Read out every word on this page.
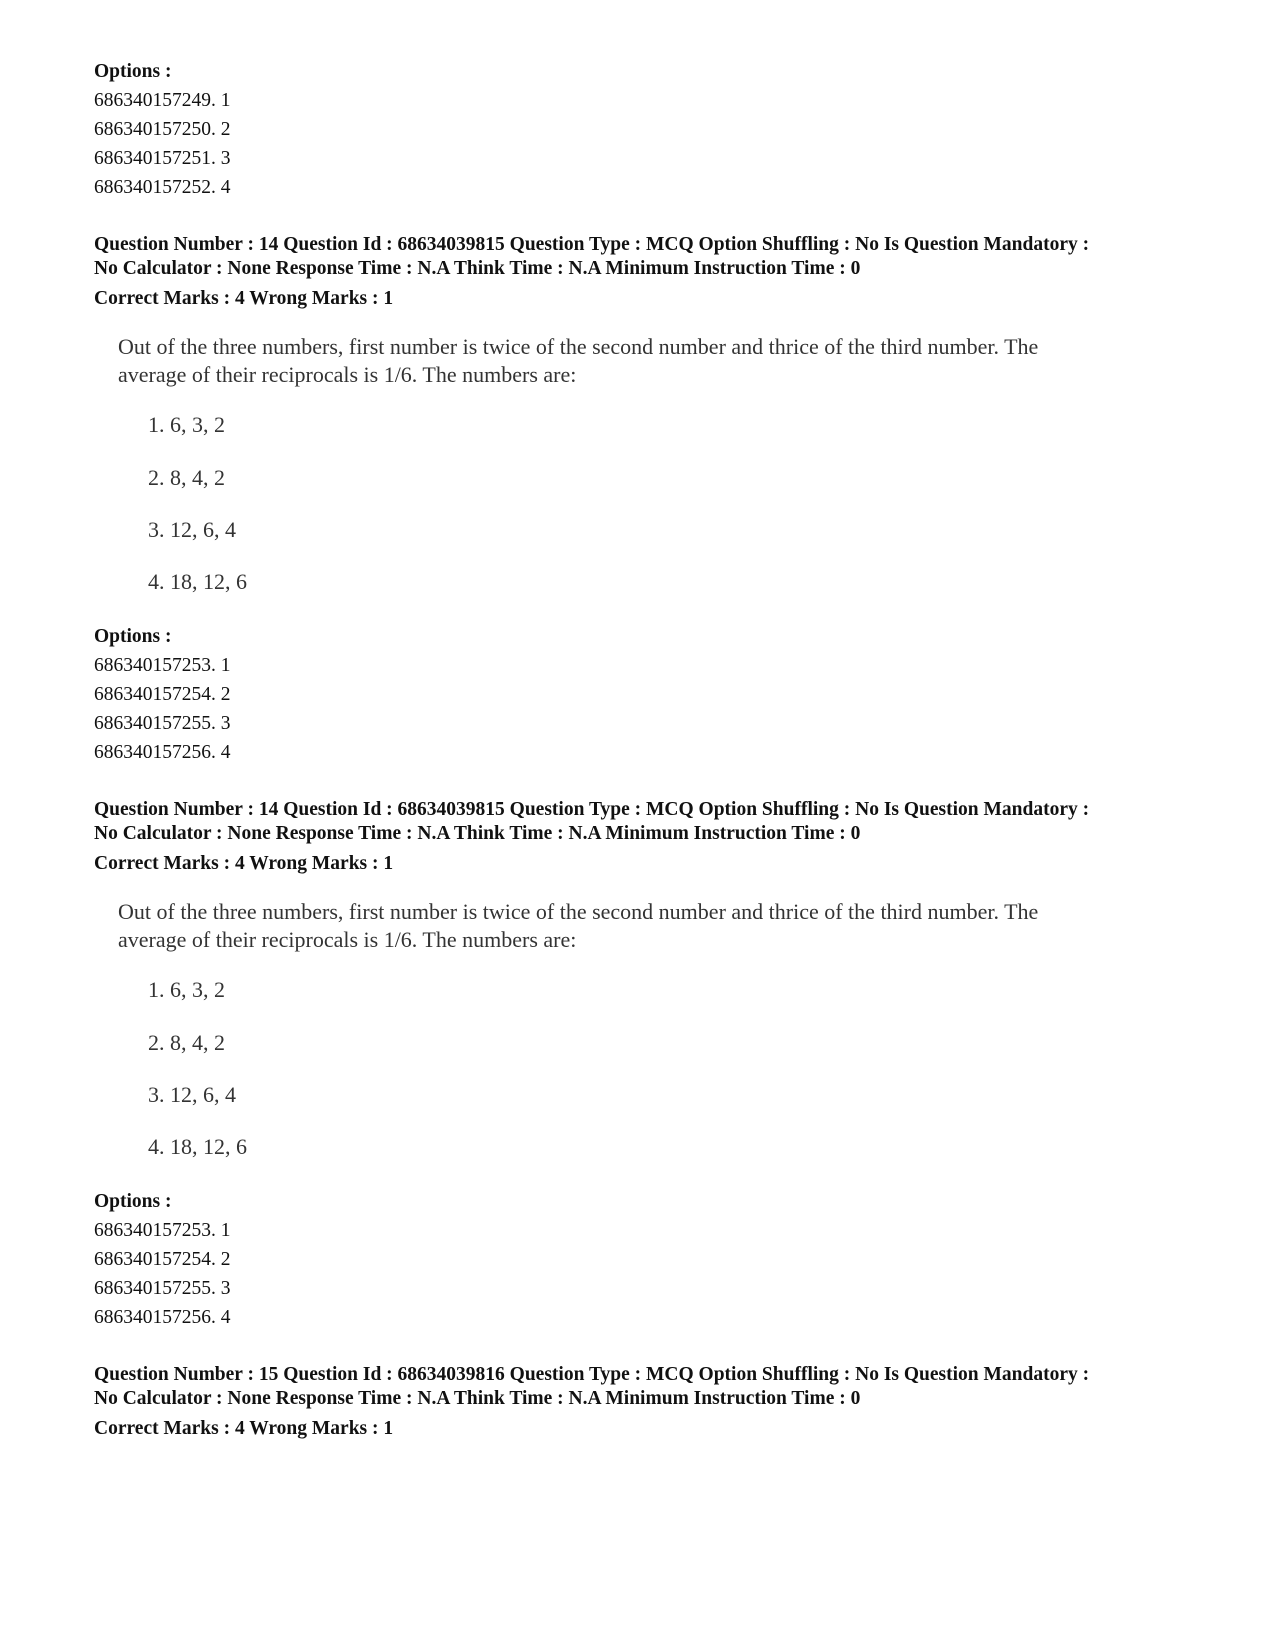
Options :
686340157249. 1
686340157250. 2
686340157251. 3
686340157252. 4
Question Number : 14 Question Id : 68634039815 Question Type : MCQ Option Shuffling : No Is Question Mandatory :
No Calculator : None Response Time : N.A Think Time : N.A Minimum Instruction Time : 0
Correct Marks : 4 Wrong Marks : 1
Out of the three numbers, first number is twice of the second number and thrice of the third number. The
average of their reciprocals is 1/6. The numbers are:
1. 6, 3, 2
2. 8, 4, 2
3. 12, 6, 4
4. 18, 12, 6
Options :
686340157253. 1
686340157254. 2
686340157255. 3
686340157256. 4
Question Number : 14 Question Id : 68634039815 Question Type : MCQ Option Shuffling : No Is Question Mandatory :
No Calculator : None Response Time : N.A Think Time : N.A Minimum Instruction Time : 0
Correct Marks : 4 Wrong Marks : 1
Out of the three numbers, first number is twice of the second number and thrice of the third number. The
average of their reciprocals is 1/6. The numbers are:
1. 6, 3, 2
2. 8, 4, 2
3. 12, 6, 4
4. 18, 12, 6
Options :
686340157253. 1
686340157254. 2
686340157255. 3
686340157256. 4
Question Number : 15 Question Id : 68634039816 Question Type : MCQ Option Shuffling : No Is Question Mandatory :
No Calculator : None Response Time : N.A Think Time : N.A Minimum Instruction Time : 0
Correct Marks : 4 Wrong Marks : 1
